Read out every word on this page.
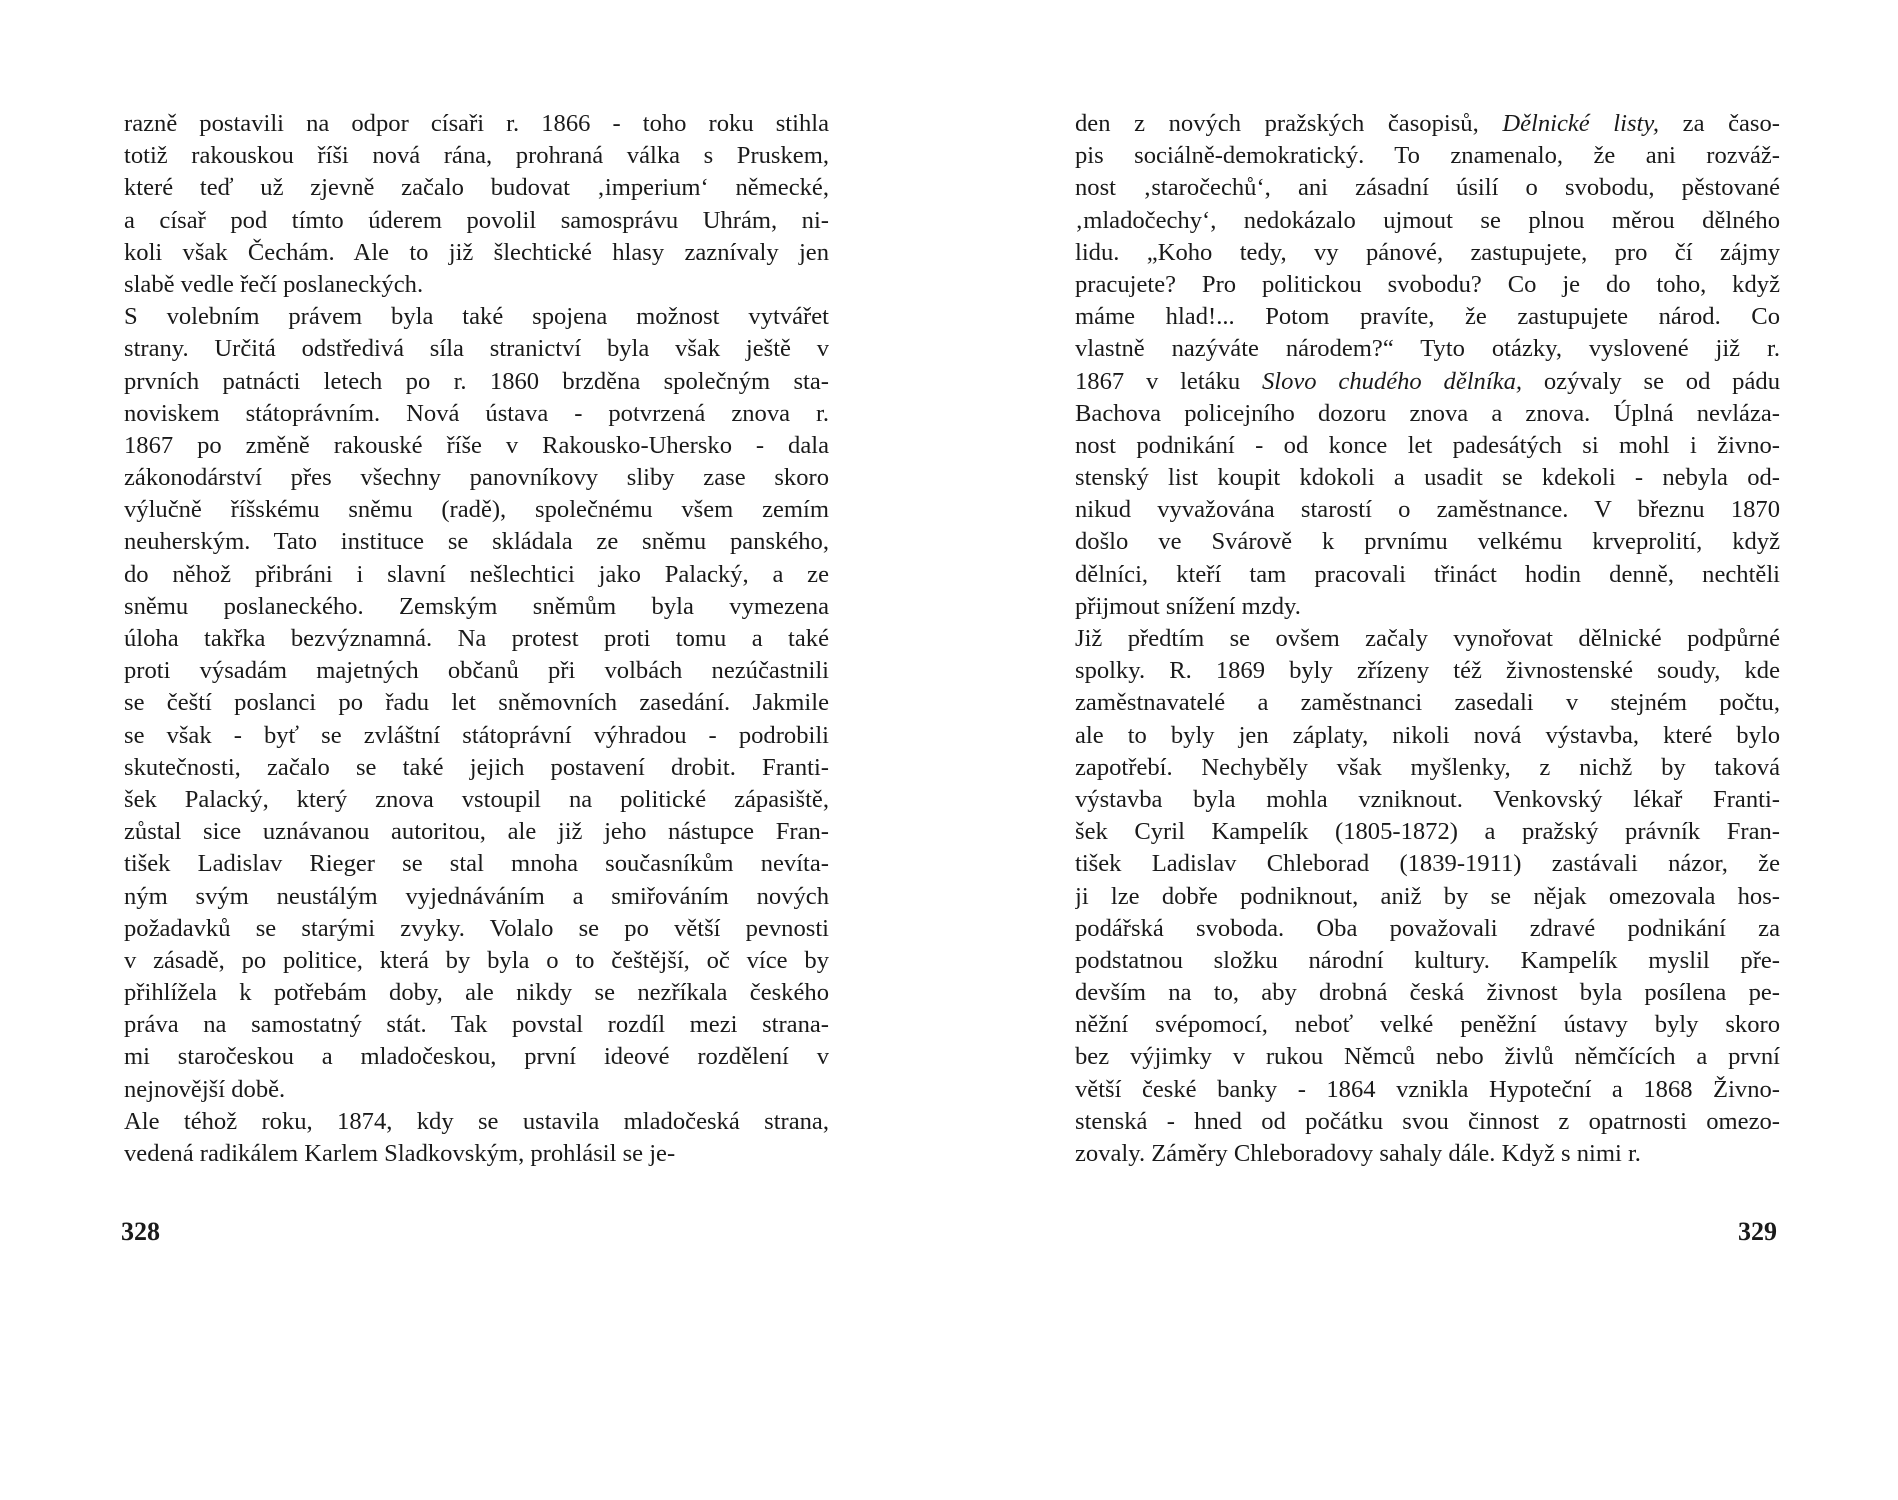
razně postavili na odpor císaři r. 1866 - toho roku stihla
totiž rakouskou říši nová rána, prohraná válka s Pruskem,
které teď už zjevně začalo budovat ‚imperium‘ německé,
a císař pod tímto úderem povolil samosprávu Uhrám, ni-
koli však Čechám. Ale to již šlechtické hlasy zaznívaly jen
slabě vedle řečí poslaneckých.
S volebním právem byla také spojena možnost vytvářet
strany. Určitá odstředivá síla stranictví byla však ještě v
prvních patnácti letech po r. 1860 brzděna společným sta-
noviskem státoprávním. Nová ústava - potvrzená znova r.
1867 po změně rakouské říše v Rakousko-Uhersko - dala
zákonodárství přes všechny panovníkovy sliby zase skoro
výlučně říšskému sněmu (radě), společnému všem zemím
neuherským. Tato instituce se skládala ze sněmu panského,
do něhož přibráni i slavní nešlechtici jako Palacký, a ze
sněmu poslaneckého. Zemským sněmům byla vymezena
úloha takřka bezvýznamná. Na protest proti tomu a také
proti výsadám majetných občanů při volbách nezúčastnili
se čeští poslanci po řadu let sněmovních zasedání. Jakmile
se však - byť se zvláštní státoprávní výhradou - podrobili
skutečnosti, začalo se také jejich postavení drobit. Franti-
šek Palacký, který znova vstoupil na politické zápasiště,
zůstal sice uznávanou autoritou, ale již jeho nástupce Fran-
tišek Ladislav Rieger se stal mnoha současníkům nevíta-
ným svým neustálým vyjednáváním a smiřováním nových
požadavků se starými zvyky. Volalo se po větší pevnosti
v zásadě, po politice, která by byla o to češtější, oč více by
přihlížela k potřebám doby, ale nikdy se nezříkala českého
práva na samostatný stát. Tak povstal rozdíl mezi strana-
mi staročeskou a mladočeskou, první ideové rozdělení v
nejnovější době.
Ale téhož roku, 1874, kdy se ustavila mladočeská strana,
vedená radikálem Karlem Sladkovským, prohlásil se je-
328
den z nových pražských časopisů, Dělnické listy, za časo-
pis sociálně-demokratický. To znamenalo, že ani rozváž-
nost ‚staročechů‘, ani zásadní úsilí o svobodu, pěstované
‚mladočechy‘, nedokázalo ujmout se plnou měrou dělného
lidu. „Koho tedy, vy pánové, zastupujete, pro čí zájmy
pracujete? Pro politickou svobodu? Co je do toho, když
máme hlad!... Potom pravíte, že zastupujete národ. Co
vlastně nazýváte národem?“ Tyto otázky, vyslovené již r.
1867 v letáku Slovo chudého dělníka, ozývaly se od pádu
Bachova policejního dozoru znova a znova. Úplná nevláza-
nost podnikání - od konce let padesátých si mohl i živno-
stenský list koupit kdokoli a usadit se kdekoli - nebyla od-
nikud vyvažována starostí o zaměstnance. V březnu 1870
došlo ve Svárově k prvnímu velkému krveprolití, když
dělníci, kteří tam pracovali třináct hodin denně, nechtěli
přijmout snížení mzdy.
Již předtím se ovšem začaly vynořovat dělnické podpůrné
spolky. R. 1869 byly zřízeny též živnostenské soudy, kde
zaměstnavatelé a zaměstnanci zasedali v stejném počtu,
ale to byly jen záplaty, nikoli nová výstavba, které bylo
zapotřebí. Nechyběly však myšlenky, z nichž by taková
výstavba byla mohla vzniknout. Venkovský lékař Franti-
šek Cyril Kampelík (1805-1872) a pražský právník Fran-
tišek Ladislav Chleborad (1839-1911) zastávali názor, že
ji lze dobře podniknout, aniž by se nějak omezovala hos-
podářská svoboda. Oba považovali zdravé podnikání za
podstatnou složku národní kultury. Kampelík myslil pře-
devším na to, aby drobná česká živnost byla posílena pe-
něžní svépomocí, neboť velké peněžní ústavy byly skoro
bez výjimky v rukou Němců nebo živlů němčících a první
větší české banky - 1864 vznikla Hypoteční a 1868 Živno-
stenská - hned od počátku svou činnost z opatrnosti omezo-
zovaly. Záměry Chleboradovy sahaly dále. Když s nimi r.
329
